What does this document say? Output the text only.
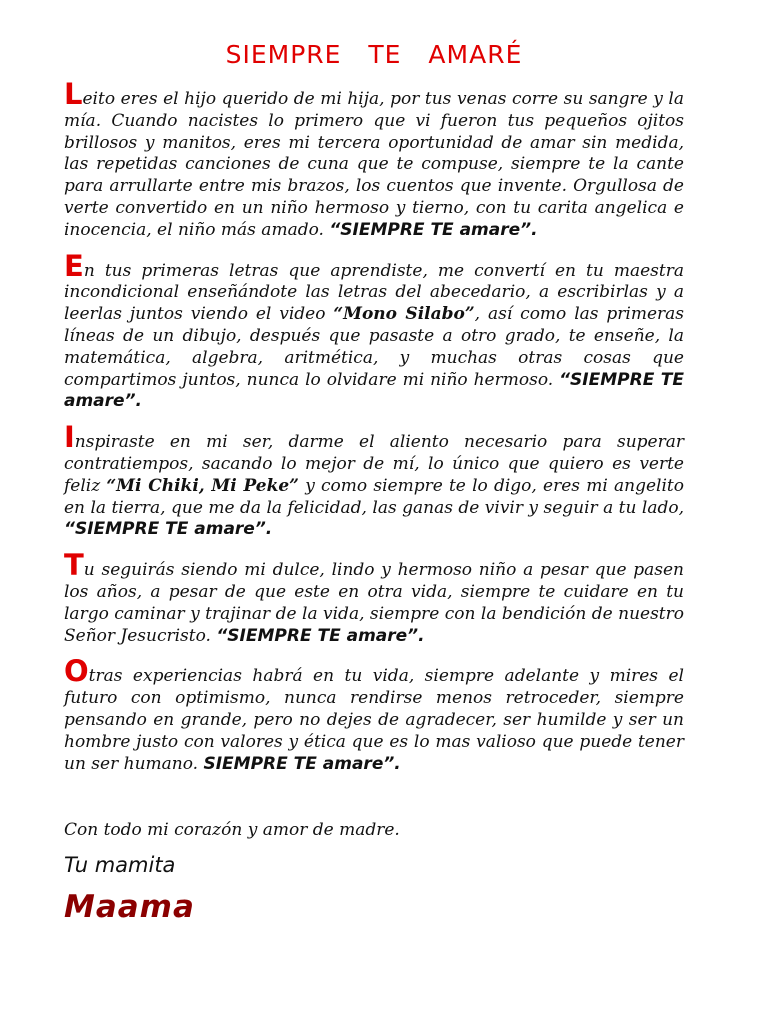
SIEMPRE TE AMARÉ

Leito eres el hijo querido de mi hija, por tus venas corre su sangre y la mía. Cuando nacistes lo primero que vi fueron tus pequeños ojitos brillosos y manitos, eres mi tercera oportunidad de amar sin medida, las repetidas canciones de cuna que te compuse, siempre te la cante para arrullarte entre mis brazos, los cuentos que invente. Orgullosa de verte convertido en un niño hermoso y tierno, con tu carita angelica e inocencia, el niño más amado. “SIEMPRE TE amare”.

En tus primeras letras que aprendiste, me convertí en tu maestra incondicional enseñándote las letras del abecedario, a escribirlas y a leerlas juntos viendo el video “Mono Silabo”, así como las primeras líneas de un dibujo, después que pasaste a otro grado, te enseñe, la matemática, algebra, aritmética, y muchas otras cosas que compartimos juntos, nunca lo olvidare mi niño hermoso. “SIEMPRE TE amare”.

Inspiraste en mi ser, darme el aliento necesario para superar contratiempos, sacando lo mejor de mí, lo único que quiero es verte feliz “Mi Chiki, Mi Peke” y como siempre te lo digo, eres mi angelito en la tierra, que me da la felicidad, las ganas de vivir y seguir a tu lado, “SIEMPRE TE amare”.

Tu seguirás siendo mi dulce, lindo y hermoso niño a pesar que pasen los años, a pesar de que este en otra vida, siempre te cuidare en tu largo caminar y trajinar de la vida, siempre con la bendición de nuestro Señor Jesucristo. “SIEMPRE TE amare”.

Otras experiencias habrá en tu vida, siempre adelante y mires el futuro con optimismo, nunca rendirse menos retroceder, siempre pensando en grande, pero no dejes de agradecer, ser humilde y ser un hombre justo con valores y ética que es lo mas valioso que puede tener un ser humano. SIEMPRE TE amare”.

Con todo mi corazón y amor de madre.

Tu mamita

Maama
